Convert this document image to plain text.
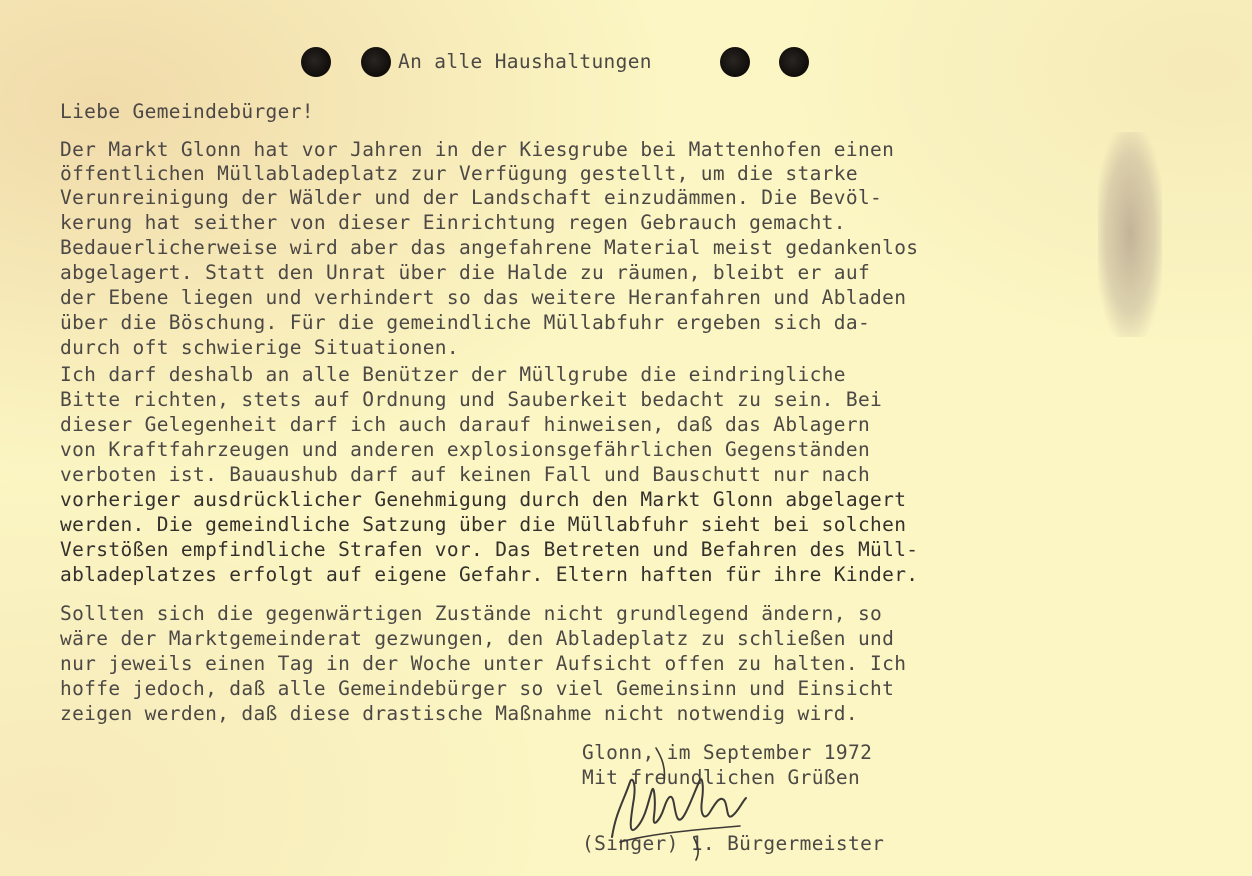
An alle Haushaltungen

Liebe Gemeindebürger!

Der Markt Glonn hat vor Jahren in der Kiesgrube bei Mattenhofen einen

öffentlichen Müllabladeplatz zur Verfügung gestellt, um die starke

Verunreinigung der Wälder und der Landschaft einzudämmen. Die Bevöl-

kerung hat seither von dieser Einrichtung regen Gebrauch gemacht.

Bedauerlicherweise wird aber das angefahrene Material meist gedankenlos

abgelagert. Statt den Unrat über die Halde zu räumen, bleibt er auf

der Ebene liegen und verhindert so das weitere Heranfahren und Abladen

über die Böschung. Für die gemeindliche Müllabfuhr ergeben sich da-

durch oft schwierige Situationen.

Ich darf deshalb an alle Benützer der Müllgrube die eindringliche

Bitte richten, stets auf Ordnung und Sauberkeit bedacht zu sein. Bei

dieser Gelegenheit darf ich auch darauf hinweisen, daß das Ablagern

von Kraftfahrzeugen und anderen explosionsgefährlichen Gegenständen

verboten ist. Bauaushub darf auf keinen Fall und Bauschutt nur nach

vorheriger ausdrücklicher Genehmigung durch den Markt Glonn abgelagert

werden. Die gemeindliche Satzung über die Müllabfuhr sieht bei solchen

Verstößen empfindliche Strafen vor. Das Betreten und Befahren des Müll-

abladeplatzes erfolgt auf eigene Gefahr. Eltern haften für ihre Kinder.

Sollten sich die gegenwärtigen Zustände nicht grundlegend ändern, so

wäre der Marktgemeinderat gezwungen, den Abladeplatz zu schließen und

nur jeweils einen Tag in der Woche unter Aufsicht offen zu halten. Ich

hoffe jedoch, daß alle Gemeindebürger so viel Gemeinsinn und Einsicht

zeigen werden, daß diese drastische Maßnahme nicht notwendig wird.

Glonn, im September 1972

Mit freundlichen Grüßen

(Singer) 1. Bürgermeister
